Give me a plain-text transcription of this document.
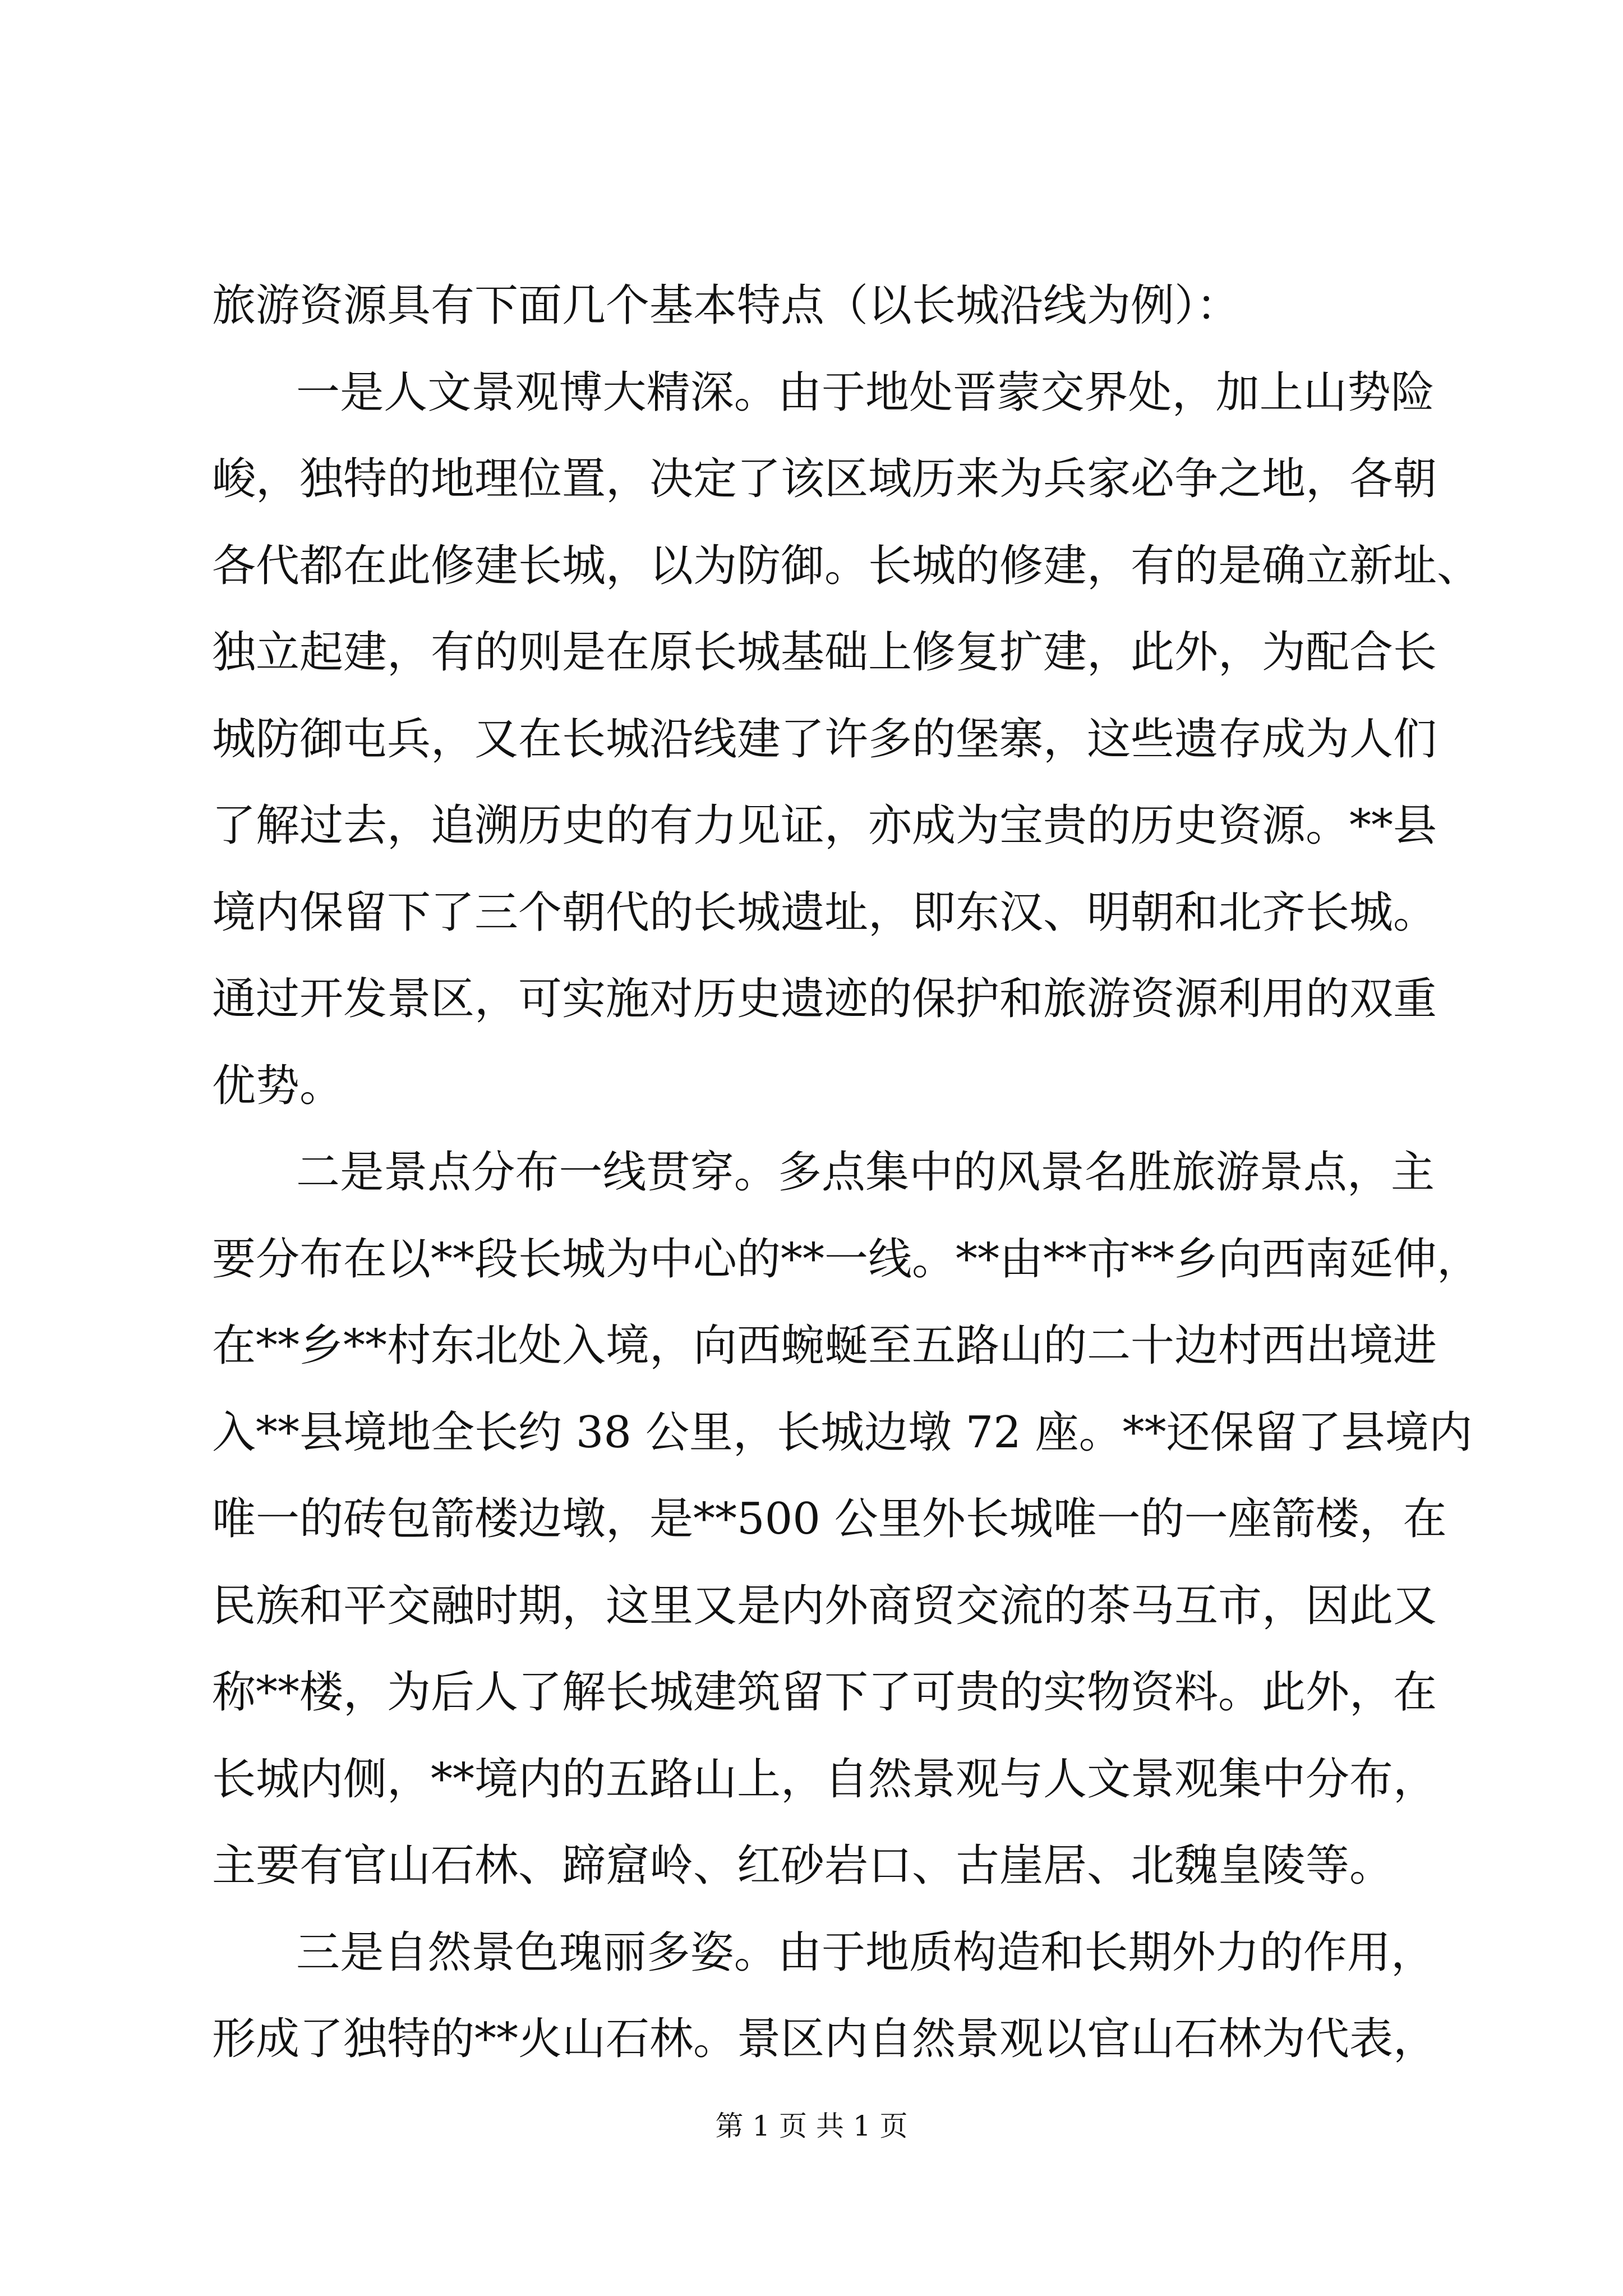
旅游资源具有下面几个基本特点（以长城沿线为例）：
一是人文景观博大精深。由于地处晋蒙交界处，加上山势险
峻，独特的地理位置，决定了该区域历来为兵家必争之地，各朝
各代都在此修建长城，以为防御。长城的修建，有的是确立新址、
独立起建，有的则是在原长城基础上修复扩建，此外，为配合长
城防御屯兵，又在长城沿线建了许多的堡寨，这些遗存成为人们
了解过去，追溯历史的有力见证，亦成为宝贵的历史资源。**县
境内保留下了三个朝代的长城遗址，即东汉、明朝和北齐长城。
通过开发景区，可实施对历史遗迹的保护和旅游资源利用的双重
优势。
二是景点分布一线贯穿。多点集中的风景名胜旅游景点，主
要分布在以**段长城为中心的**一线。**由**市**乡向西南延伸，
在**乡**村东北处入境，向西蜿蜒至五路山的二十边村西出境进
入**县境地全长约 38 公里，长城边墩 72 座。**还保留了县境内
唯一的砖包箭楼边墩，是**500 公里外长城唯一的一座箭楼，在
民族和平交融时期，这里又是内外商贸交流的茶马互市，因此又
称**楼，为后人了解长城建筑留下了可贵的实物资料。此外，在
长城内侧，**境内的五路山上，自然景观与人文景观集中分布，
主要有官山石林、蹄窟岭、红砂岩口、古崖居、北魏皇陵等。
三是自然景色瑰丽多姿。由于地质构造和长期外力的作用，
形成了独特的**火山石林。景区内自然景观以官山石林为代表，
第 1 页 共 1 页
